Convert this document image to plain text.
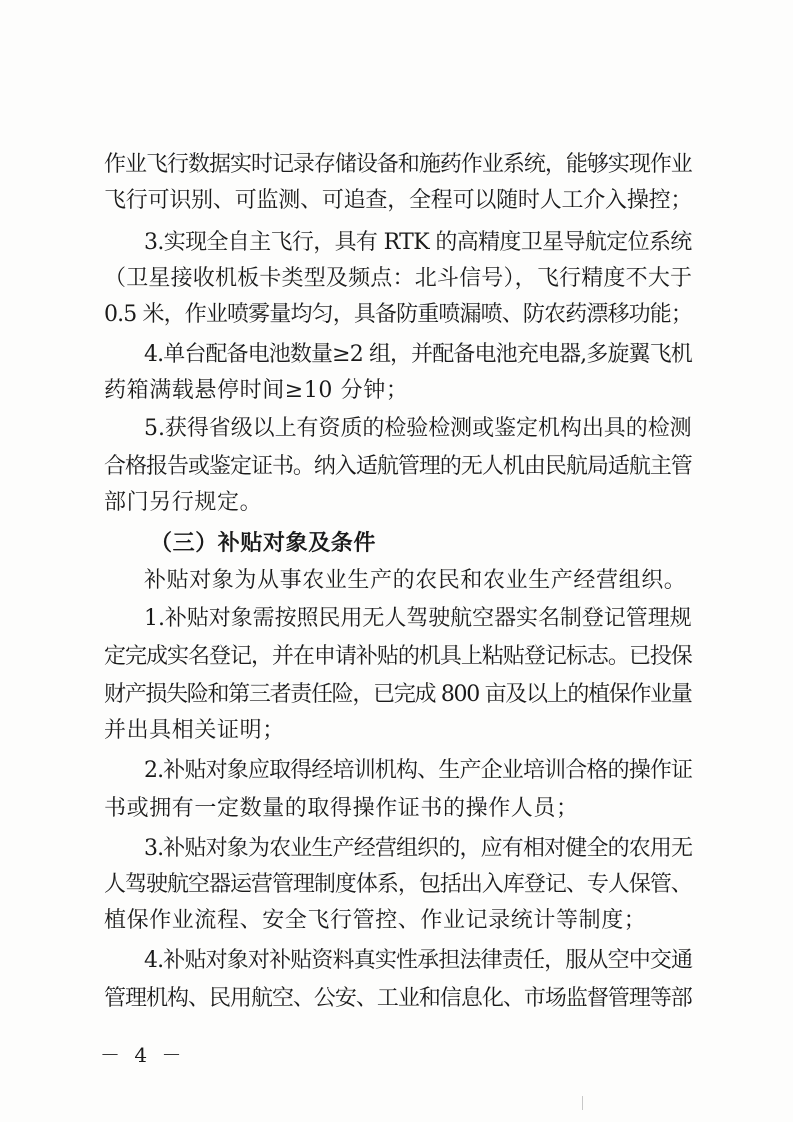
作业飞行数据实时记录存储设备和施药作业系统，能够实现作业
飞行可识别、可监测、可追查，全程可以随时人工介入操控；
3.实现全自主飞行，具有 RTK 的高精度卫星导航定位系统
（卫星接收机板卡类型及频点：北斗信号），飞行精度不大于
0.5 米，作业喷雾量均匀，具备防重喷漏喷、防农药漂移功能；
4.单台配备电池数量≥2 组，并配备电池充电器,多旋翼飞机
药箱满载悬停时间≥10 分钟；
5.获得省级以上有资质的检验检测或鉴定机构出具的检测
合格报告或鉴定证书。纳入适航管理的无人机由民航局适航主管
部门另行规定。
（三）补贴对象及条件
补贴对象为从事农业生产的农民和农业生产经营组织。
1.补贴对象需按照民用无人驾驶航空器实名制登记管理规
定完成实名登记，并在申请补贴的机具上粘贴登记标志。已投保
财产损失险和第三者责任险，已完成 800 亩及以上的植保作业量
并出具相关证明；
2.补贴对象应取得经培训机构、生产企业培训合格的操作证
书或拥有一定数量的取得操作证书的操作人员；
3.补贴对象为农业生产经营组织的，应有相对健全的农用无
人驾驶航空器运营管理制度体系，包括出入库登记、专人保管、
植保作业流程、安全飞行管控、作业记录统计等制度；
4.补贴对象对补贴资料真实性承担法律责任，服从空中交通
管理机构、民用航空、公安、工业和信息化、市场监督管理等部
－ 4 －
